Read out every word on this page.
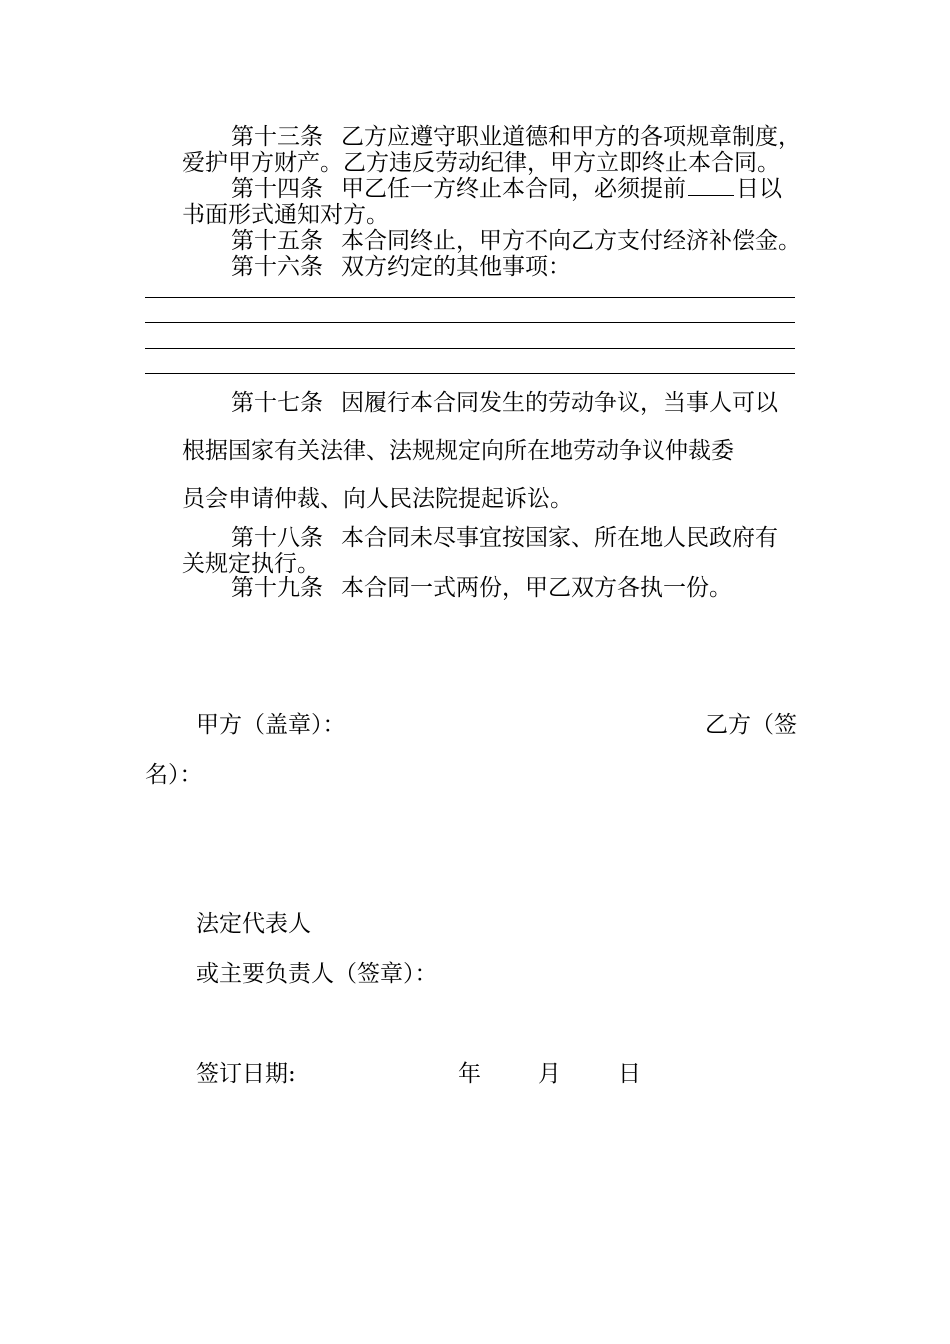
第十三条 乙方应遵守职业道德和甲方的各项规章制度，
爱护甲方财产。乙方违反劳动纪律，甲方立即终止本合同。
第十四条 甲乙任一方终止本合同，必须提前 日以
书面形式通知对方。
第十五条 本合同终止，甲方不向乙方支付经济补偿金。
第十六条 双方约定的其他事项：
第十七条 因履行本合同发生的劳动争议，当事人可以
根据国家有关法律、法规规定向所在地劳动争议仲裁委
员会申请仲裁、向人民法院提起诉讼。
第十八条 本合同未尽事宜按国家、所在地人民政府有
关规定执行。
第十九条 本合同一式两份，甲乙双方各执一份。
甲方（盖章）：	乙方（签
名）：
法定代表人
或主要负责人（签章）：
签订日期:	年 月 日
